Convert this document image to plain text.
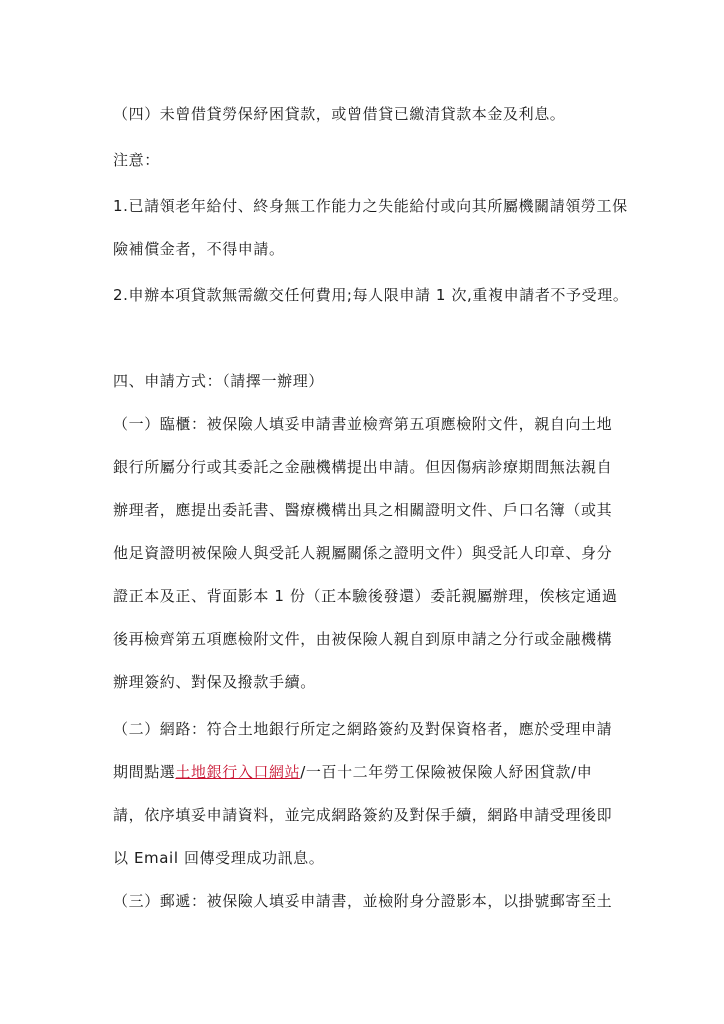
（四）未曾借貸勞保紓困貸款，或曾借貸已繳清貸款本金及利息。
注意：
1.已請領老年給付、終身無工作能力之失能給付或向其所屬機關請領勞工保
險補償金者，不得申請。
2.申辦本項貸款無需繳交任何費用;每人限申請 1 次,重複申請者不予受理。
四、申請方式：（請擇一辦理）
（一）臨櫃：被保險人填妥申請書並檢齊第五項應檢附文件，親自向土地
銀行所屬分行或其委託之金融機構提出申請。但因傷病診療期間無法親自
辦理者，應提出委託書、醫療機構出具之相關證明文件、戶口名簿（或其
他足資證明被保險人與受託人親屬關係之證明文件）與受託人印章、身分
證正本及正、背面影本 1 份（正本驗後發還）委託親屬辦理，俟核定通過
後再檢齊第五項應檢附文件，由被保險人親自到原申請之分行或金融機構
辦理簽約、對保及撥款手續。
（二）網路：符合土地銀行所定之網路簽約及對保資格者，應於受理申請
期間點選土地銀行入口網站/一百十二年勞工保險被保險人紓困貸款/申
請，依序填妥申請資料，並完成網路簽約及對保手續，網路申請受理後即
以 Email 回傳受理成功訊息。
（三）郵遞：被保險人填妥申請書，並檢附身分證影本，以掛號郵寄至土
